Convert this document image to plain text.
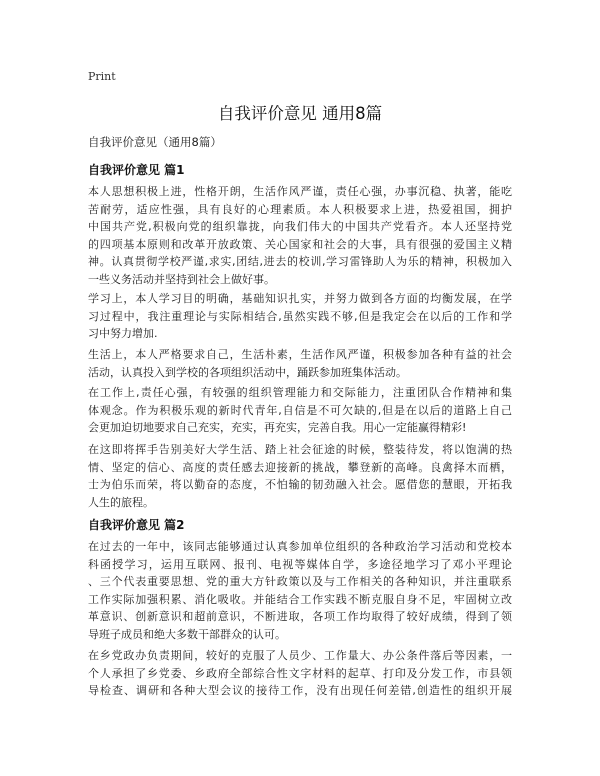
Print
自我评价意见 通用8篇

自我评价意见（通用8篇）

自我评价意见 篇1

本人思想积极上进，性格开朗，生活作风严谨，责任心强，办事沉稳、执著，能吃
苦耐劳，适应性强，具有良好的心理素质。本人积极要求上进，热爱祖国，拥护
中国共产党,积极向党的组织靠拢，向我们伟大的中国共产党看齐。本人还坚持党
的四项基本原则和改革开放政策、关心国家和社会的大事，具有很强的爱国主义精
神。认真贯彻学校严谨,求实,团结,进去的校训,学习雷锋助人为乐的精神，积极加入
一些义务活动并坚持到社会上做好事。

学习上，本人学习目的明确，基础知识扎实，并努力做到各方面的均衡发展，在学
习过程中，我注重理论与实际相结合,虽然实践不够,但是我定会在以后的工作和学
习中努力增加.

生活上，本人严格要求自己，生活朴素，生活作风严谨，积极参加各种有益的社会
活动，认真投入到学校的各项组织活动中，踊跃参加班集体活动。

在工作上,责任心强，有较强的组织管理能力和交际能力，注重团队合作精神和集
体观念。作为积极乐观的新时代青年,自信是不可欠缺的,但是在以后的道路上自己
会更加迫切地要求自己充实，充实，再充实，完善自我。用心一定能赢得精彩!

在这即将挥手告别美好大学生活、踏上社会征途的时候，整装待发，将以饱满的热
情、坚定的信心、高度的责任感去迎接新的挑战，攀登新的高峰。良禽择木而栖，
士为伯乐而荣，将以勤奋的态度，不怕输的韧劲融入社会。愿借您的慧眼，开拓我
人生的旅程。

自我评价意见 篇2

在过去的一年中，该同志能够通过认真参加单位组织的各种政治学习活动和党校本
科函授学习，运用互联网、报刊、电视等媒体自学，多途径地学习了邓小平理论
、三个代表重要思想、党的重大方针政策以及与工作相关的各种知识，并注重联系
工作实际加强积累、消化吸收。并能结合工作实践不断克服自身不足，牢固树立改
革意识、创新意识和超前意识，不断进取，各项工作均取得了较好成绩，得到了领
导班子成员和绝大多数干部群众的认可。

在乡党政办负责期间，较好的克服了人员少、工作量大、办公条件落后等因素，一
个人承担了乡党委、乡政府全部综合性文字材料的起草、打印及分发工作，市县领
导检查、调研和各种大型会议的接待工作，没有出现任何差错,创造性的组织开展
